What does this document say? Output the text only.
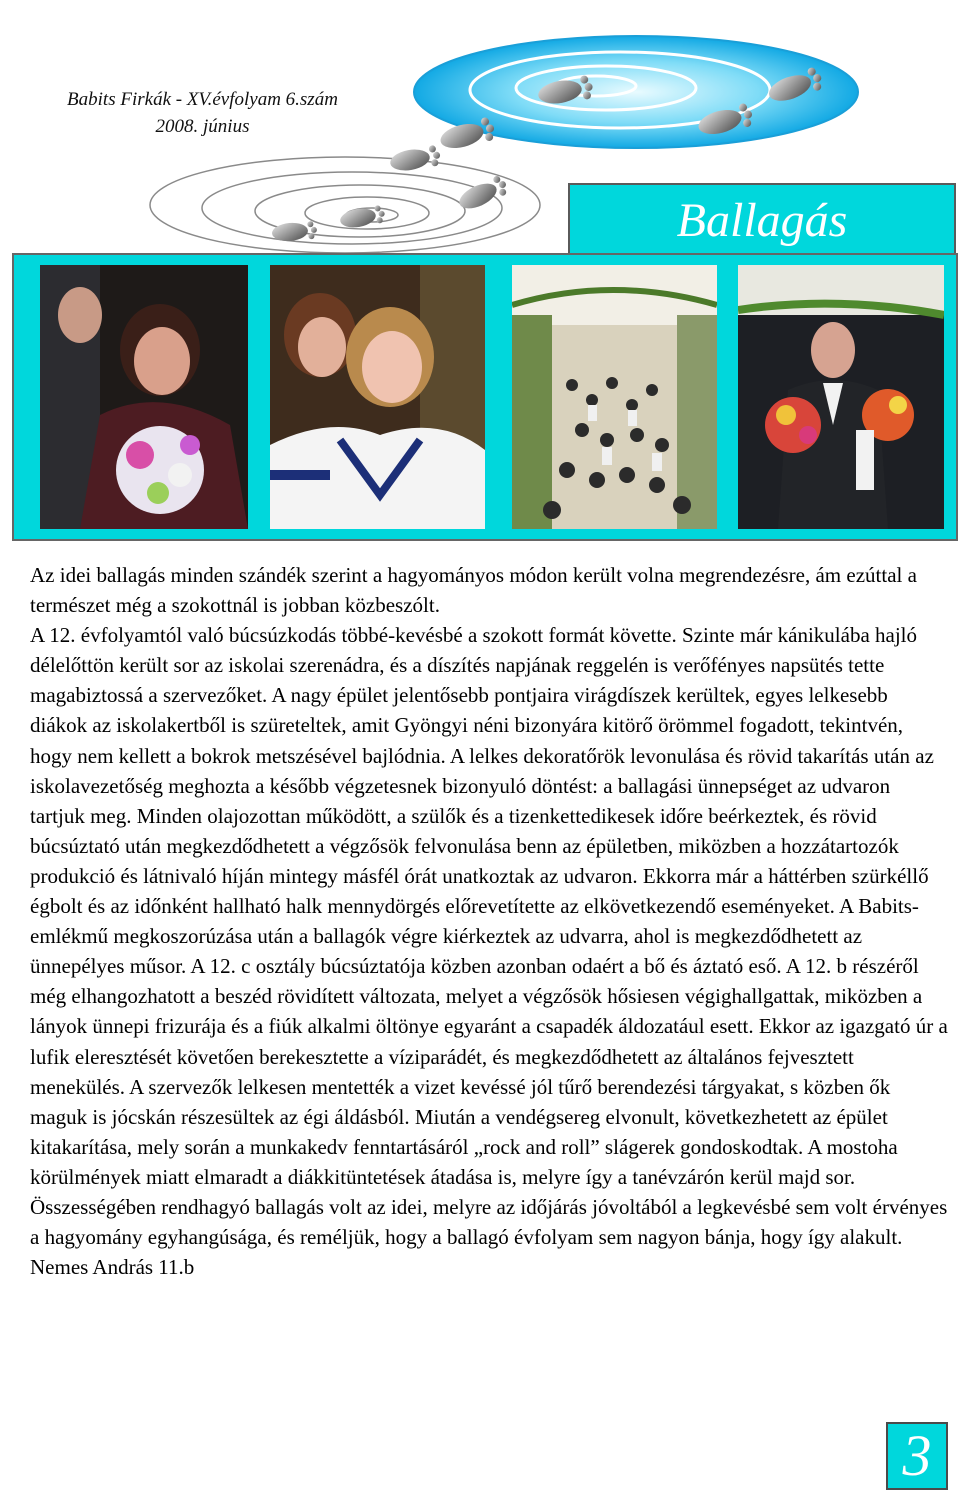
Babits Firkák - XV.évfolyam 6.szám
2008. június
Ballagás

Az idei ballagás minden szándék szerint a hagyományos módon került volna megrendezésre, ám ezúttal a természet még a szokottnál is jobban közbeszólt.

A 12. évfolyamtól való búcsúzkodás többé-kevésbé a szokott formát követte. Szinte már kánikulába hajló délelőttön került sor az iskolai szerenádra, és a díszítés napjának reggelén is verőfényes napsütés tette magabiztossá a szervezőket. A nagy épület jelentősebb pontjaira virágdíszek kerültek, egyes lelkesebb diákok az iskolakertből is szüreteltek, amit Gyöngyi néni bizonyára kitörő örömmel fogadott, tekintvén, hogy nem kellett a bokrok metszésével bajlódnia. A lelkes dekoratőrök levonulása és rövid takarítás után az iskolavezetőség meghozta a később végzetesnek bizonyuló döntést: a ballagási ünnepséget az udvaron tartjuk meg. Minden olajozottan működött, a szülők és a tizenkettedikesek időre beérkeztek, és rövid búcsúztató után megkezdődhetett a végzősök felvonulása benn az épületben, miközben a hozzátartozók produkció és látnivaló híján mintegy másfél órát unatkoztak az udvaron. Ekkorra már a háttérben szürkéllő égbolt és az időnként hallható halk mennydörgés előrevetítette az elkövetkezendő eseményeket. A Babits-emlékmű megkoszorúzása után a ballagók végre kiérkeztek az udvarra, ahol is megkezdődhetett az ünnepélyes műsor. A 12. c osztály búcsúztatója közben azonban odaért a bő és áztató eső. A 12. b részéről még elhangozhatott a beszéd rövidített változata, melyet a végzősök hősiesen végighallgattak, miközben a lányok ünnepi frizurája és a fiúk alkalmi öltönye egyaránt a csapadék áldozatául esett. Ekkor az igazgató úr a lufik eleresztését követően berekesztette a víziparádét, és megkezdődhetett az általános fejvesztett menekülés. A szervezők lelkesen mentették a vizet kevéssé jól tűrő berendezési tárgyakat, s közben ők maguk is jócskán részesültek az égi áldásból. Miután a vendégsereg elvonult, következhetett az épület kitakarítása, mely során a munkakedv fenntartásáról „rock and roll” slágerek gondoskodtak. A mostoha körülmények miatt elmaradt a diákkitüntetések átadása is, melyre így a tanévzárón kerül majd sor.

Összességében rendhagyó ballagás volt az idei, melyre az időjárás jóvoltából a legkevésbé sem volt érvényes a hagyomány egyhangúsága, és reméljük, hogy a ballagó évfolyam sem nagyon bánja, hogy így alakult.

Nemes András 11.b

3
